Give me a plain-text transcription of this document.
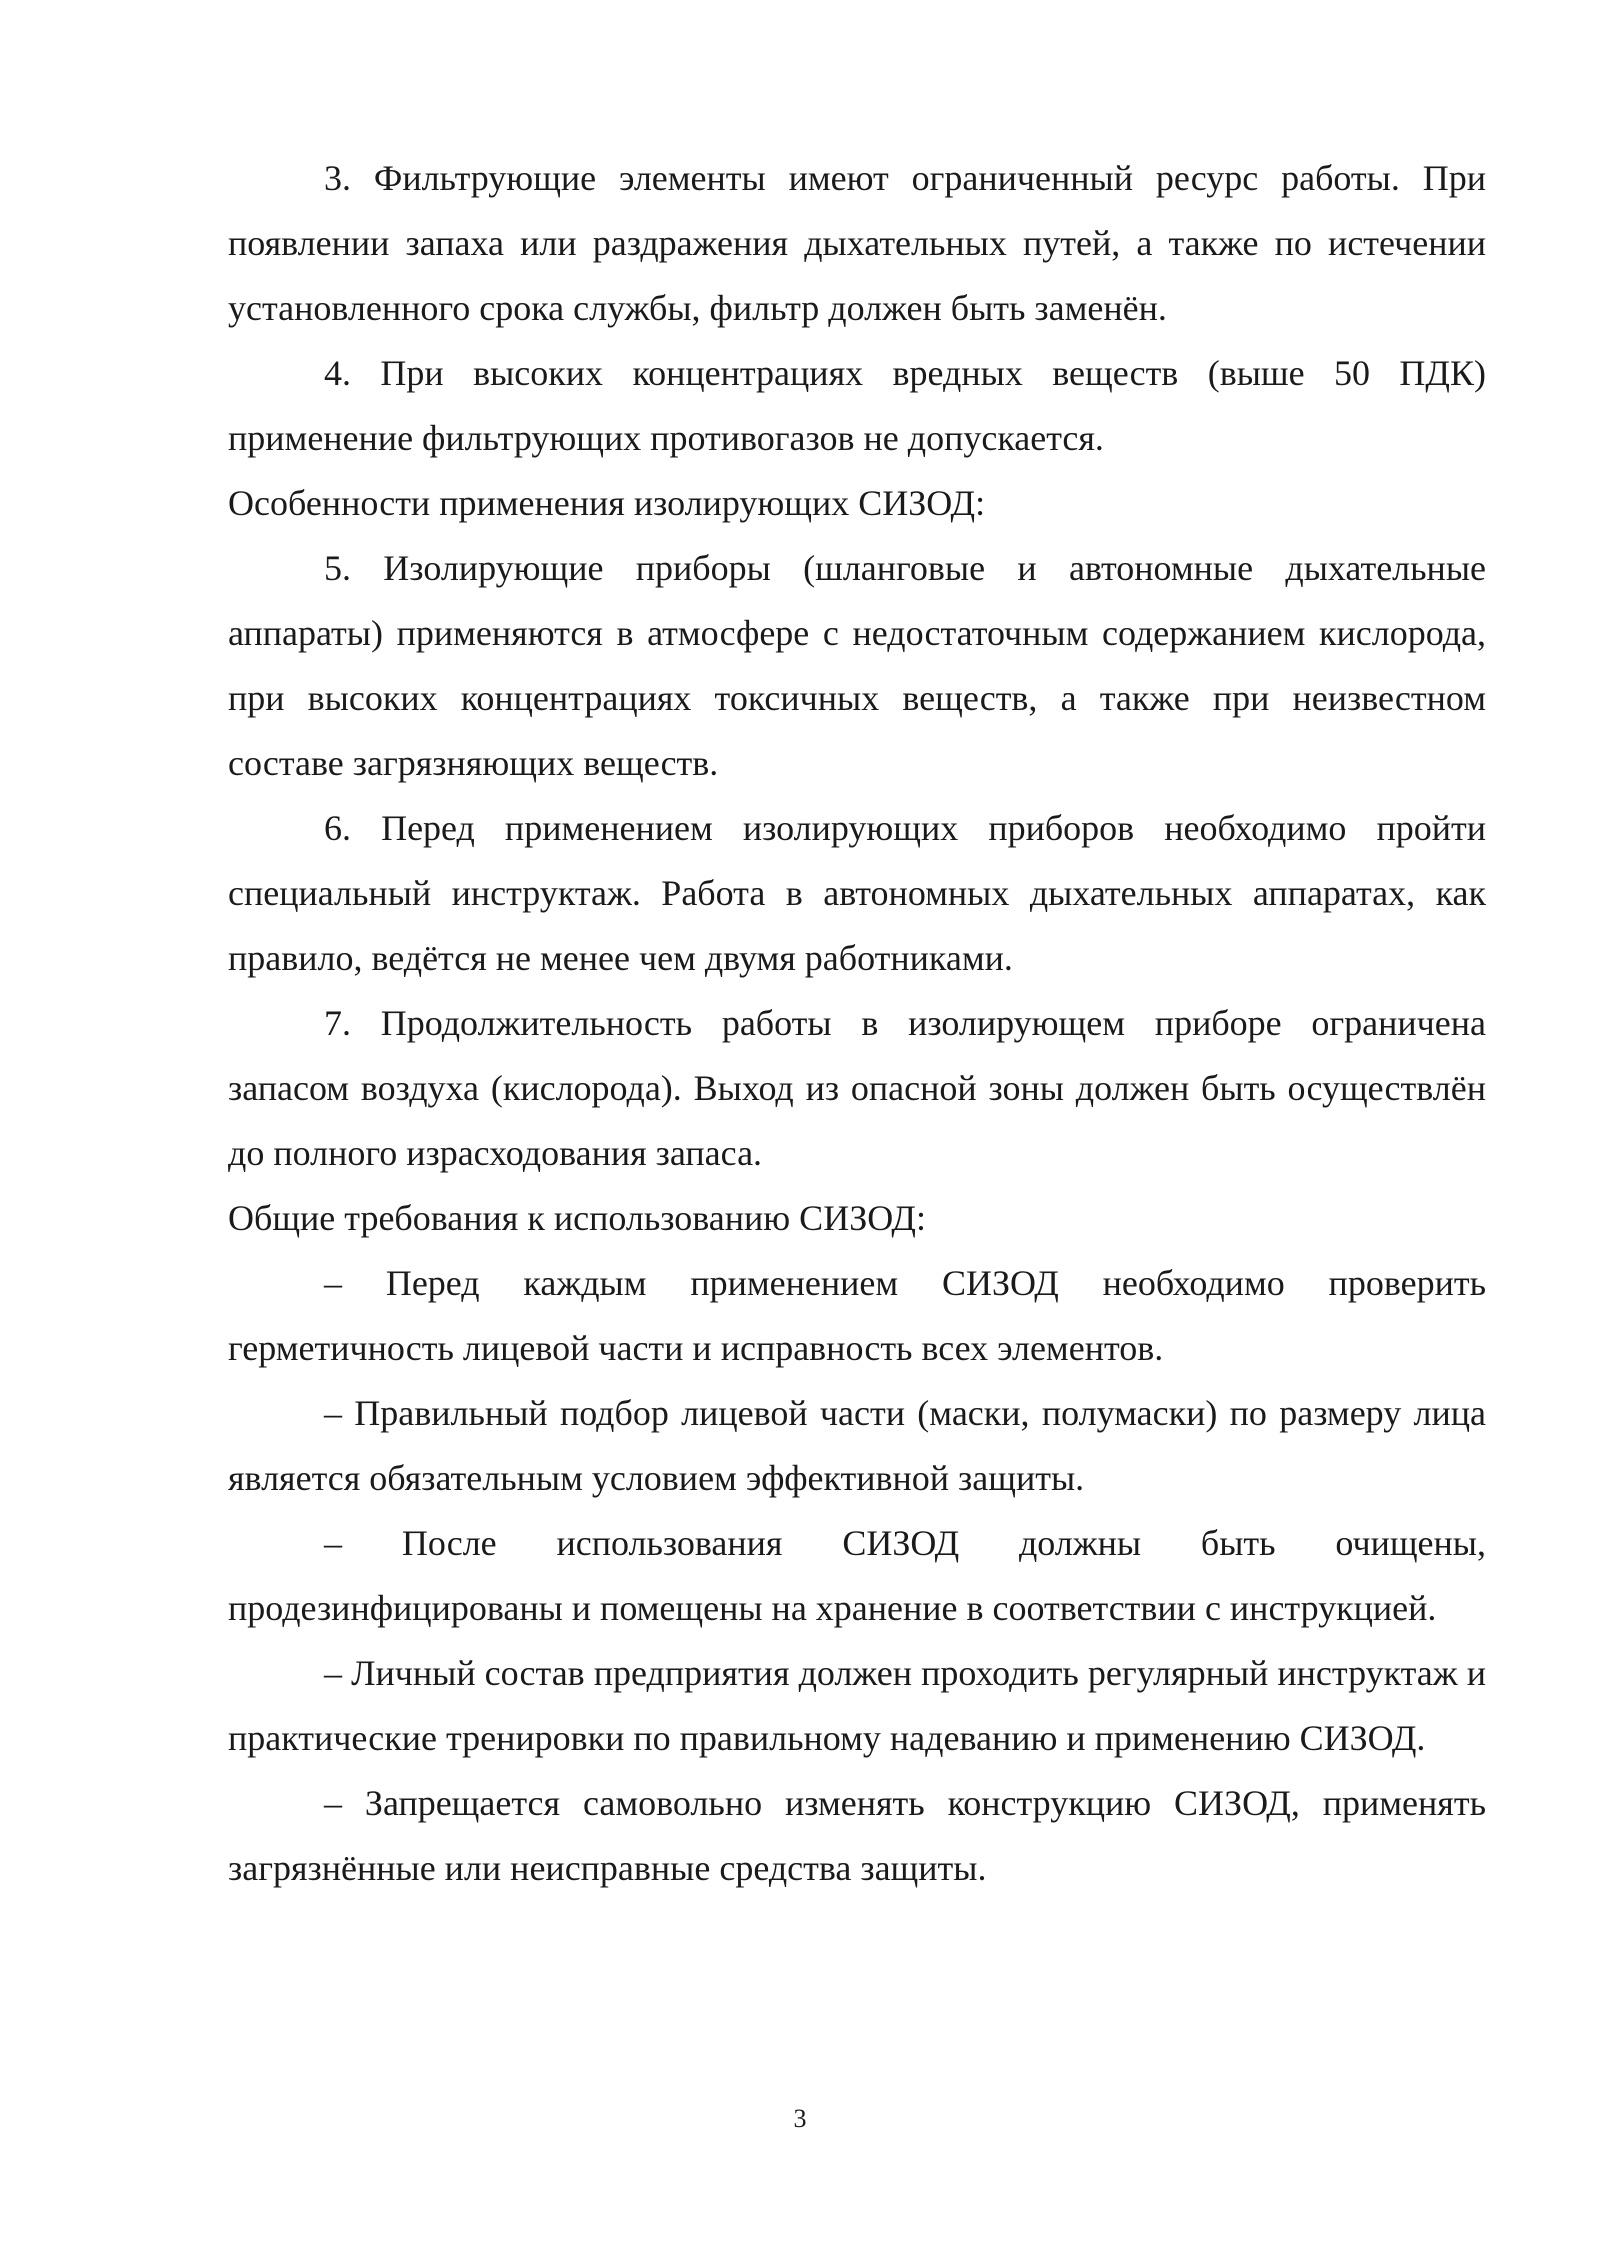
3. Фильтрующие элементы имеют ограниченный ресурс работы. При появлении запаха или раздражения дыхательных путей, а также по истечении установленного срока службы, фильтр должен быть заменён.

4. При высоких концентрациях вредных веществ (выше 50 ПДК) применение фильтрующих противогазов не допускается.

Особенности применения изолирующих СИЗОД:

5. Изолирующие приборы (шланговые и автономные дыхательные аппараты) применяются в атмосфере с недостаточным содержанием кислорода, при высоких концентрациях токсичных веществ, а также при неизвестном составе загрязняющих веществ.

6. Перед применением изолирующих приборов необходимо пройти специальный инструктаж. Работа в автономных дыхательных аппаратах, как правило, ведётся не менее чем двумя работниками.

7. Продолжительность работы в изолирующем приборе ограничена запасом воздуха (кислорода). Выход из опасной зоны должен быть осуществлён до полного израсходования запаса.

Общие требования к использованию СИЗОД:

– Перед каждым применением СИЗОД необходимо проверить герметичность лицевой части и исправность всех элементов.

– Правильный подбор лицевой части (маски, полумаски) по размеру лица является обязательным условием эффективной защиты.

– После использования СИЗОД должны быть очищены, продезинфицированы и помещены на хранение в соответствии с инструкцией.

– Личный состав предприятия должен проходить регулярный инструктаж и практические тренировки по правильному надеванию и применению СИЗОД.

– Запрещается самовольно изменять конструкцию СИЗОД, применять загрязнённые или неисправные средства защиты.

3
